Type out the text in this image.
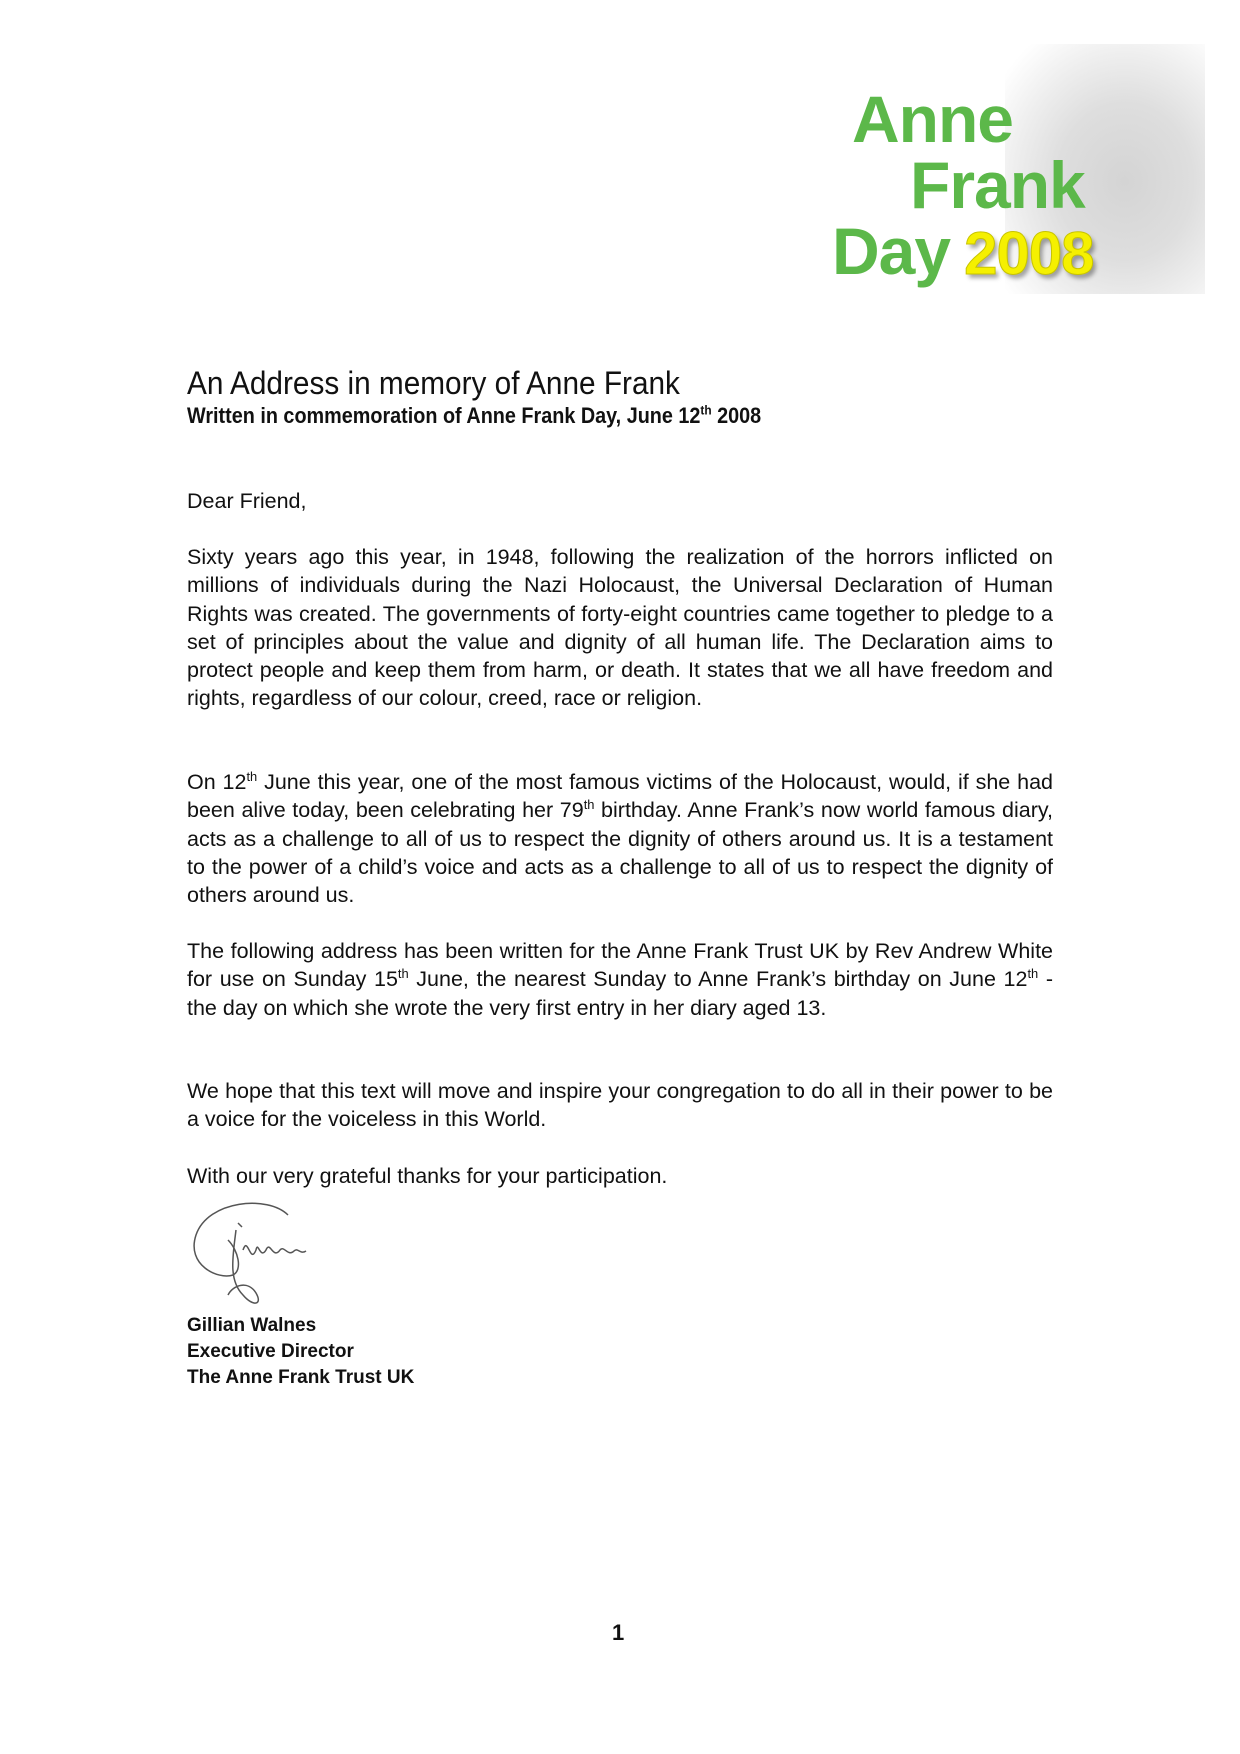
Anne
Frank
Day 2008
An Address in memory of Anne Frank
Written in commemoration of Anne Frank Day, June 12th 2008

Dear Friend,

Sixty years ago this year, in 1948, following the realization of the horrors inflicted on millions of individuals during the Nazi Holocaust, the Universal Declaration of Human Rights was created. The governments of forty-eight countries came together to pledge to a set of principles about the value and dignity of all human life. The Declaration aims to protect people and keep them from harm, or death. It states that we all have freedom and rights, regardless of our colour, creed, race or religion.

On 12th June this year, one of the most famous victims of the Holocaust, would, if she had been alive today, been celebrating her 79th birthday. Anne Frank’s now world famous diary, acts as a challenge to all of us to respect the dignity of others around us. It is a testament to the power of a child’s voice and acts as a challenge to all of us to respect the dignity of others around us.

The following address has been written for the Anne Frank Trust UK by Rev Andrew White for use on Sunday 15th June, the nearest Sunday to Anne Frank’s birthday on June 12th - the day on which she wrote the very first entry in her diary aged 13.

We hope that this text will move and inspire your congregation to do all in their power to be a voice for the voiceless in this World.

With our very grateful thanks for your participation.

Gillian Walnes
Executive Director
The Anne Frank Trust UK
1
